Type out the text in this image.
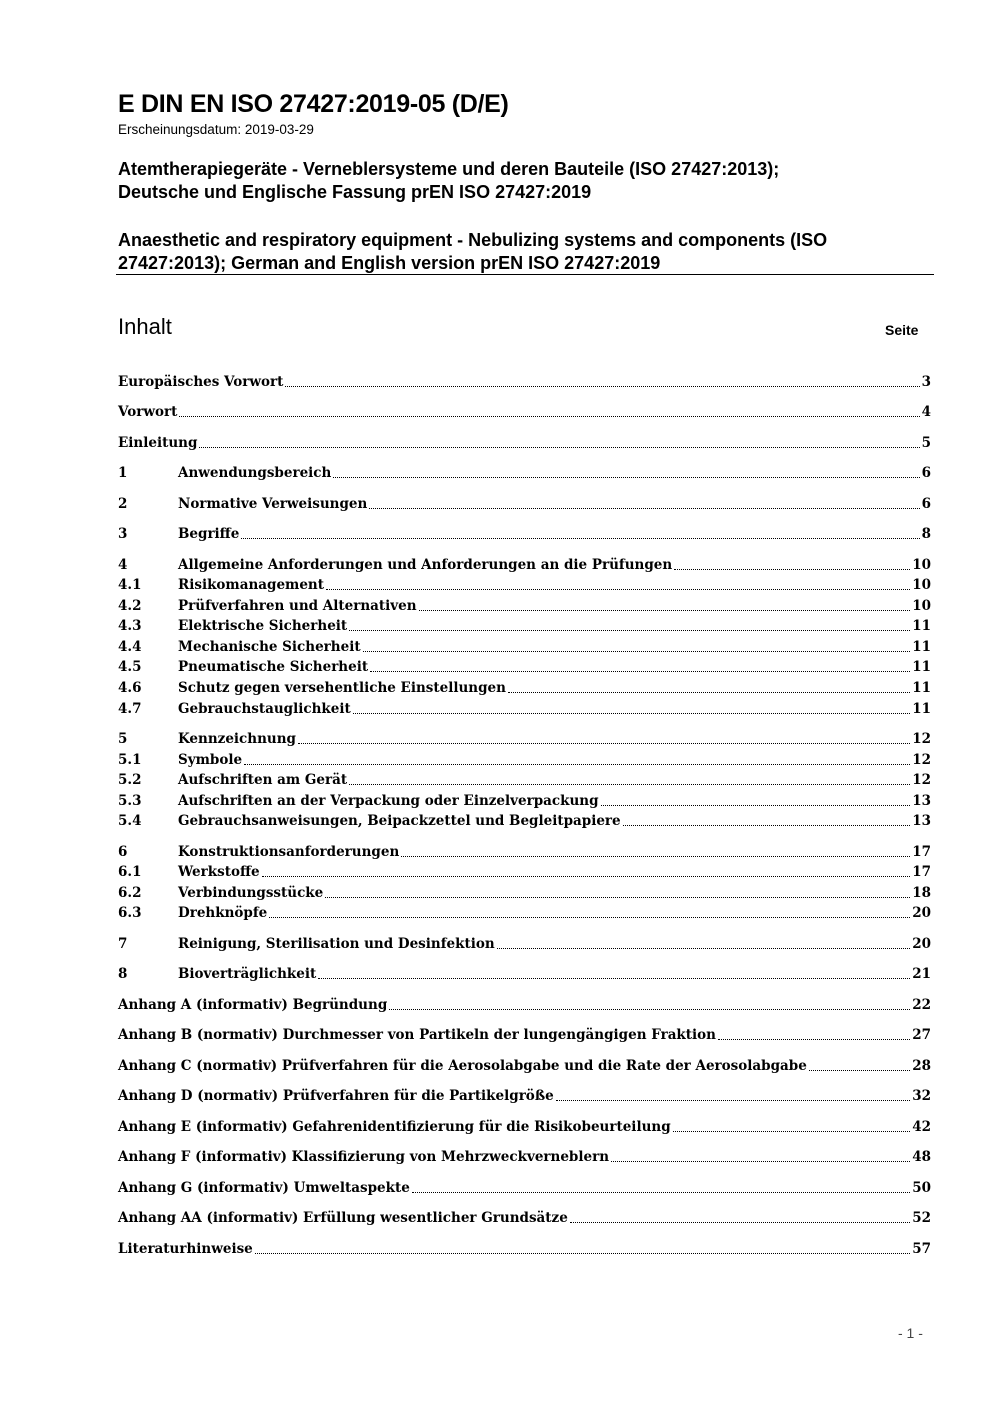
E DIN EN ISO 27427:2019-05 (D/E)
Erscheinungsdatum: 2019-03-29
Atemtherapiegeräte - Verneblersysteme und deren Bauteile (ISO 27427:2013);
Deutsche und Englische Fassung prEN ISO 27427:2019
Anaesthetic and respiratory equipment - Nebulizing systems and components (ISO
27427:2013); German and English version prEN ISO 27427:2019
Inhalt	Seite
Europäisches Vorwort	3
Vorwort	4
Einleitung	5
1	Anwendungsbereich	6
2	Normative Verweisungen	6
3	Begriffe	8
4	Allgemeine Anforderungen und Anforderungen an die Prüfungen	10
4.1	Risikomanagement	10
4.2	Prüfverfahren und Alternativen	10
4.3	Elektrische Sicherheit	11
4.4	Mechanische Sicherheit	11
4.5	Pneumatische Sicherheit	11
4.6	Schutz gegen versehentliche Einstellungen	11
4.7	Gebrauchstauglichkeit	11
5	Kennzeichnung	12
5.1	Symbole	12
5.2	Aufschriften am Gerät	12
5.3	Aufschriften an der Verpackung oder Einzelverpackung	13
5.4	Gebrauchsanweisungen, Beipackzettel und Begleitpapiere	13
6	Konstruktionsanforderungen	17
6.1	Werkstoffe	17
6.2	Verbindungsstücke	18
6.3	Drehknöpfe	20
7	Reinigung, Sterilisation und Desinfektion	20
8	Bioverträglichkeit	21
Anhang A (informativ) Begründung	22
Anhang B (normativ) Durchmesser von Partikeln der lungengängigen Fraktion	27
Anhang C (normativ) Prüfverfahren für die Aerosolabgabe und die Rate der Aerosolabgabe	28
Anhang D (normativ) Prüfverfahren für die Partikelgröße	32
Anhang E (informativ) Gefahrenidentifizierung für die Risikobeurteilung	42
Anhang F (informativ) Klassifizierung von Mehrzweckverneblern	48
Anhang G (informativ) Umweltaspekte	50
Anhang AA (informativ) Erfüllung wesentlicher Grundsätze	52
Literaturhinweise	57
- 1 -
